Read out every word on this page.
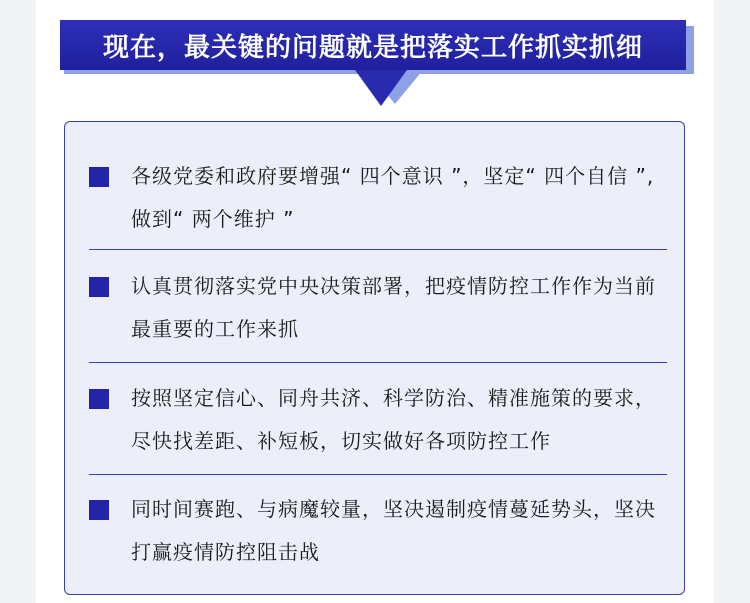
现在，最关键的问题就是把落实工作抓实抓细

各级党委和政府要增强“ 四个意识 ”，坚定“ 四个自信 ”,做到“ 两个维护 ”

认真贯彻落实党中央决策部署，把疫情防控工作作为当前最重要的工作来抓

按照坚定信心、同舟共济、科学防治、精准施策的要求，尽快找差距、补短板，切实做好各项防控工作

同时间赛跑、与病魔较量，坚决遏制疫情蔓延势头，坚决打赢疫情防控阻击战
